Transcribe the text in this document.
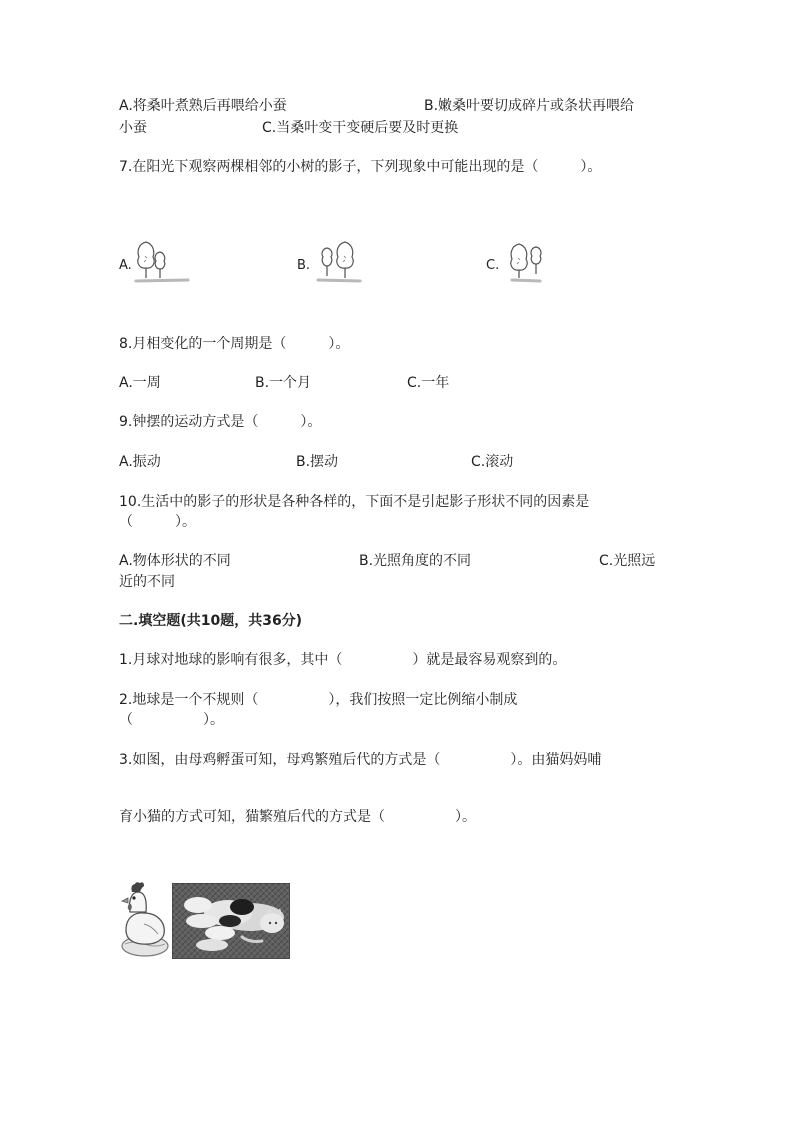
A.将桑叶煮熟后再喂给小蚕	B.嫩桑叶要切成碎片或条状再喂给
小蚕	C.当桑叶变干变硬后要及时更换
7.在阳光下观察两棵相邻的小树的影子，下列现象中可能出现的是（　　　）。
A.	B.	C.
8.月相变化的一个周期是（　　　）。
A.一周	B.一个月	C.一年
9.钟摆的运动方式是（　　　）。
A.振动	B.摆动	C.滚动
10.生活中的影子的形状是各种各样的，下面不是引起影子形状不同的因素是
（　　　）。
A.物体形状的不同	B.光照角度的不同	C.光照远
近的不同
二.填空题(共10题，共36分)
1.月球对地球的影响有很多，其中（　　　　　）就是最容易观察到的。
2.地球是一个不规则（　　　　　），我们按照一定比例缩小制成
（　　　　　）。
3.如图，由母鸡孵蛋可知，母鸡繁殖后代的方式是（　　　　　）。由猫妈妈哺
育小猫的方式可知，猫繁殖后代的方式是（　　　　　）。
